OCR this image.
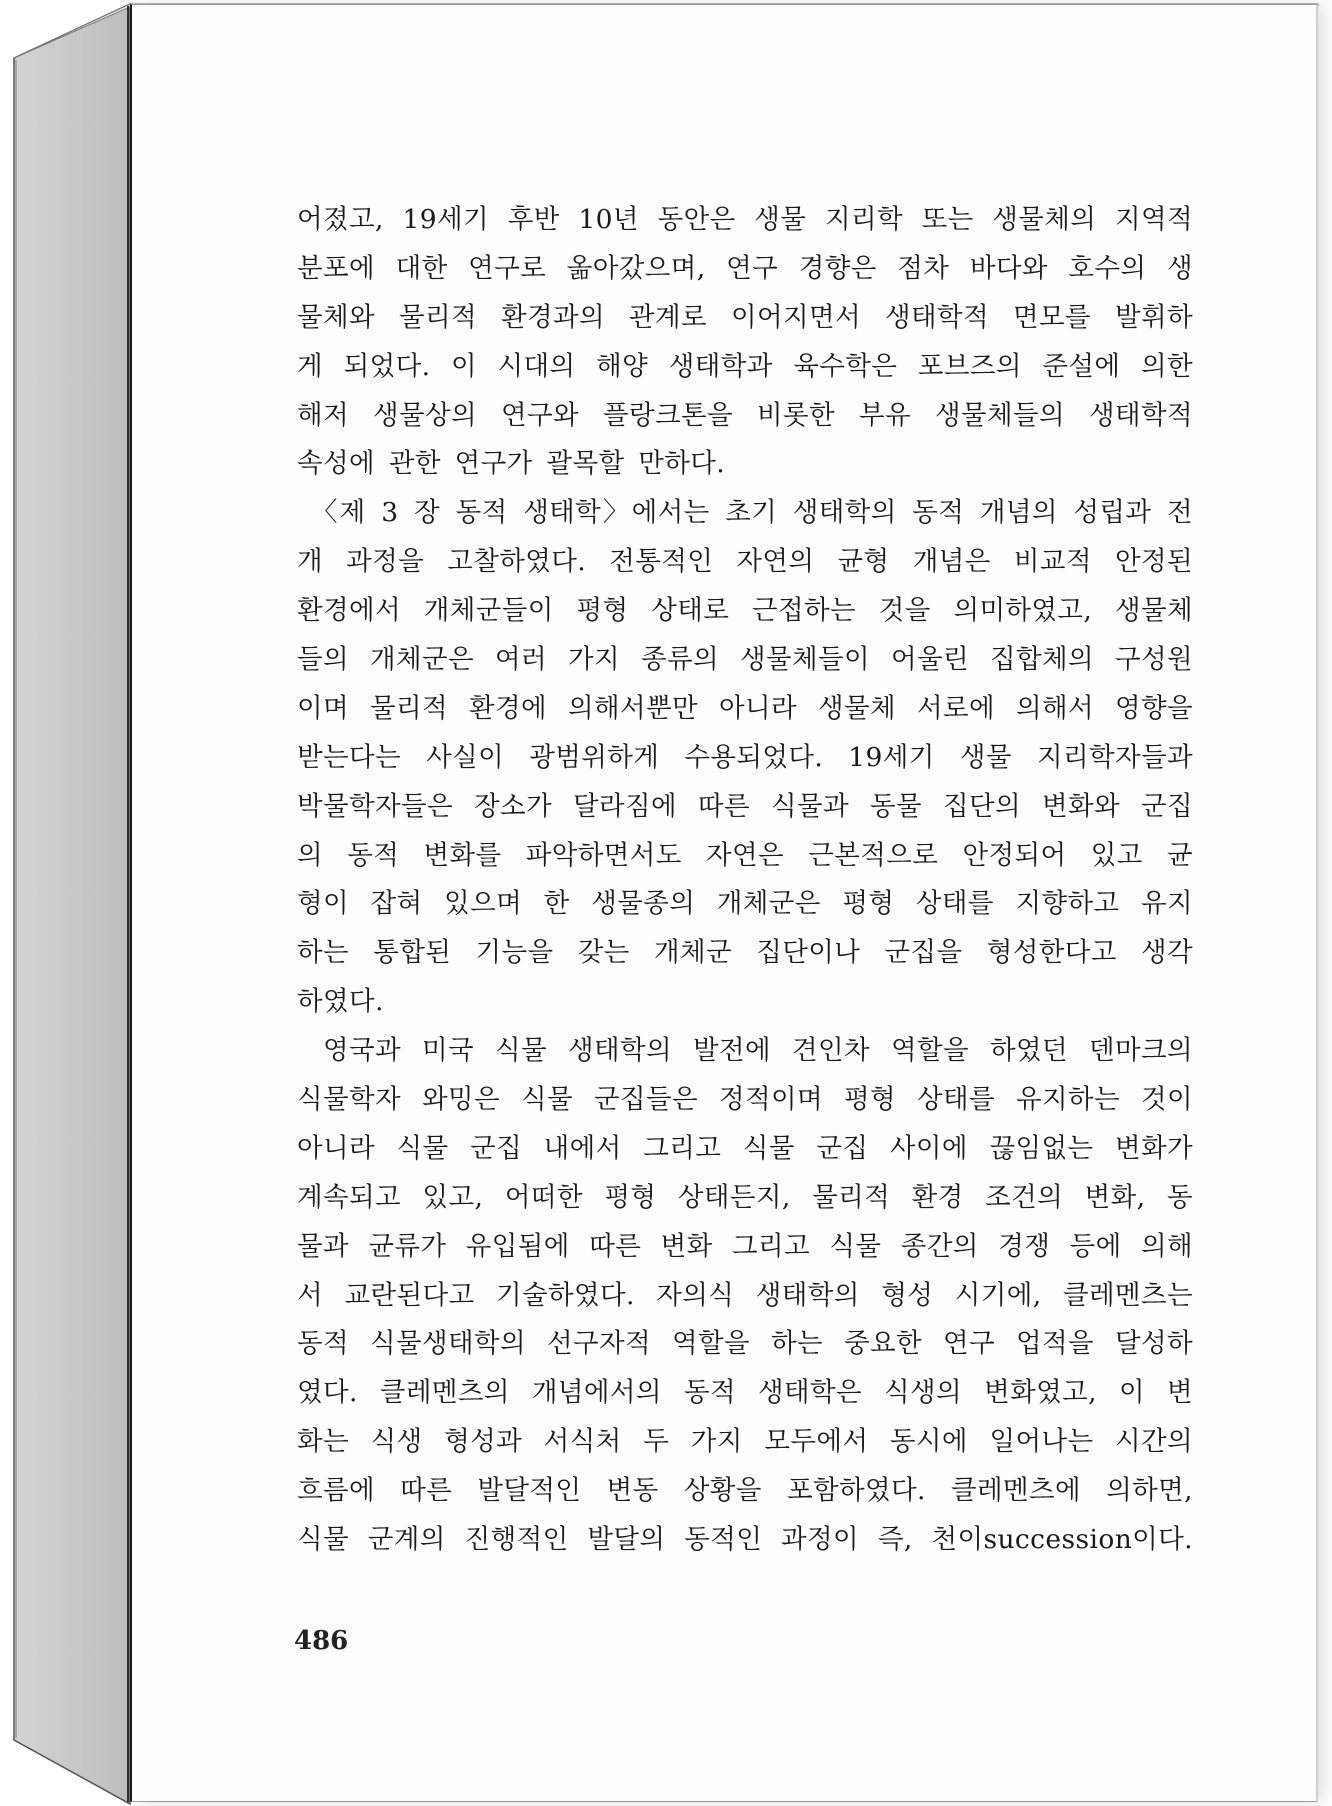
어졌고, 19세기 후반 10년 동안은 생물 지리학 또는 생물체의 지역적
분포에 대한 연구로 옮아갔으며, 연구 경향은 점차 바다와 호수의 생
물체와 물리적 환경과의 관계로 이어지면서 생태학적 면모를 발휘하
게 되었다. 이 시대의 해양 생태학과 육수학은 포브즈의 준설에 의한
해저 생물상의 연구와 플랑크톤을 비롯한 부유 생물체들의 생태학적
속성에 관한 연구가 괄목할 만하다.
〈제 3 장 동적 생태학〉에서는 초기 생태학의 동적 개념의 성립과 전
개 과정을 고찰하였다. 전통적인 자연의 균형 개념은 비교적 안정된
환경에서 개체군들이 평형 상태로 근접하는 것을 의미하였고, 생물체
들의 개체군은 여러 가지 종류의 생물체들이 어울린 집합체의 구성원
이며 물리적 환경에 의해서뿐만 아니라 생물체 서로에 의해서 영향을
받는다는 사실이 광범위하게 수용되었다. 19세기 생물 지리학자들과
박물학자들은 장소가 달라짐에 따른 식물과 동물 집단의 변화와 군집
의 동적 변화를 파악하면서도 자연은 근본적으로 안정되어 있고 균
형이 잡혀 있으며 한 생물종의 개체군은 평형 상태를 지향하고 유지
하는 통합된 기능을 갖는 개체군 집단이나 군집을 형성한다고 생각
하였다.
영국과 미국 식물 생태학의 발전에 견인차 역할을 하였던 덴마크의
식물학자 와밍은 식물 군집들은 정적이며 평형 상태를 유지하는 것이
아니라 식물 군집 내에서 그리고 식물 군집 사이에 끊임없는 변화가
계속되고 있고, 어떠한 평형 상태든지, 물리적 환경 조건의 변화, 동
물과 균류가 유입됨에 따른 변화 그리고 식물 종간의 경쟁 등에 의해
서 교란된다고 기술하였다. 자의식 생태학의 형성 시기에, 클레멘츠는
동적 식물생태학의 선구자적 역할을 하는 중요한 연구 업적을 달성하
였다. 클레멘츠의 개념에서의 동적 생태학은 식생의 변화였고, 이 변
화는 식생 형성과 서식처 두 가지 모두에서 동시에 일어나는 시간의
흐름에 따른 발달적인 변동 상황을 포함하였다. 클레멘츠에 의하면,
식물 군계의 진행적인 발달의 동적인 과정이 즉, 천이succession이다.
486
